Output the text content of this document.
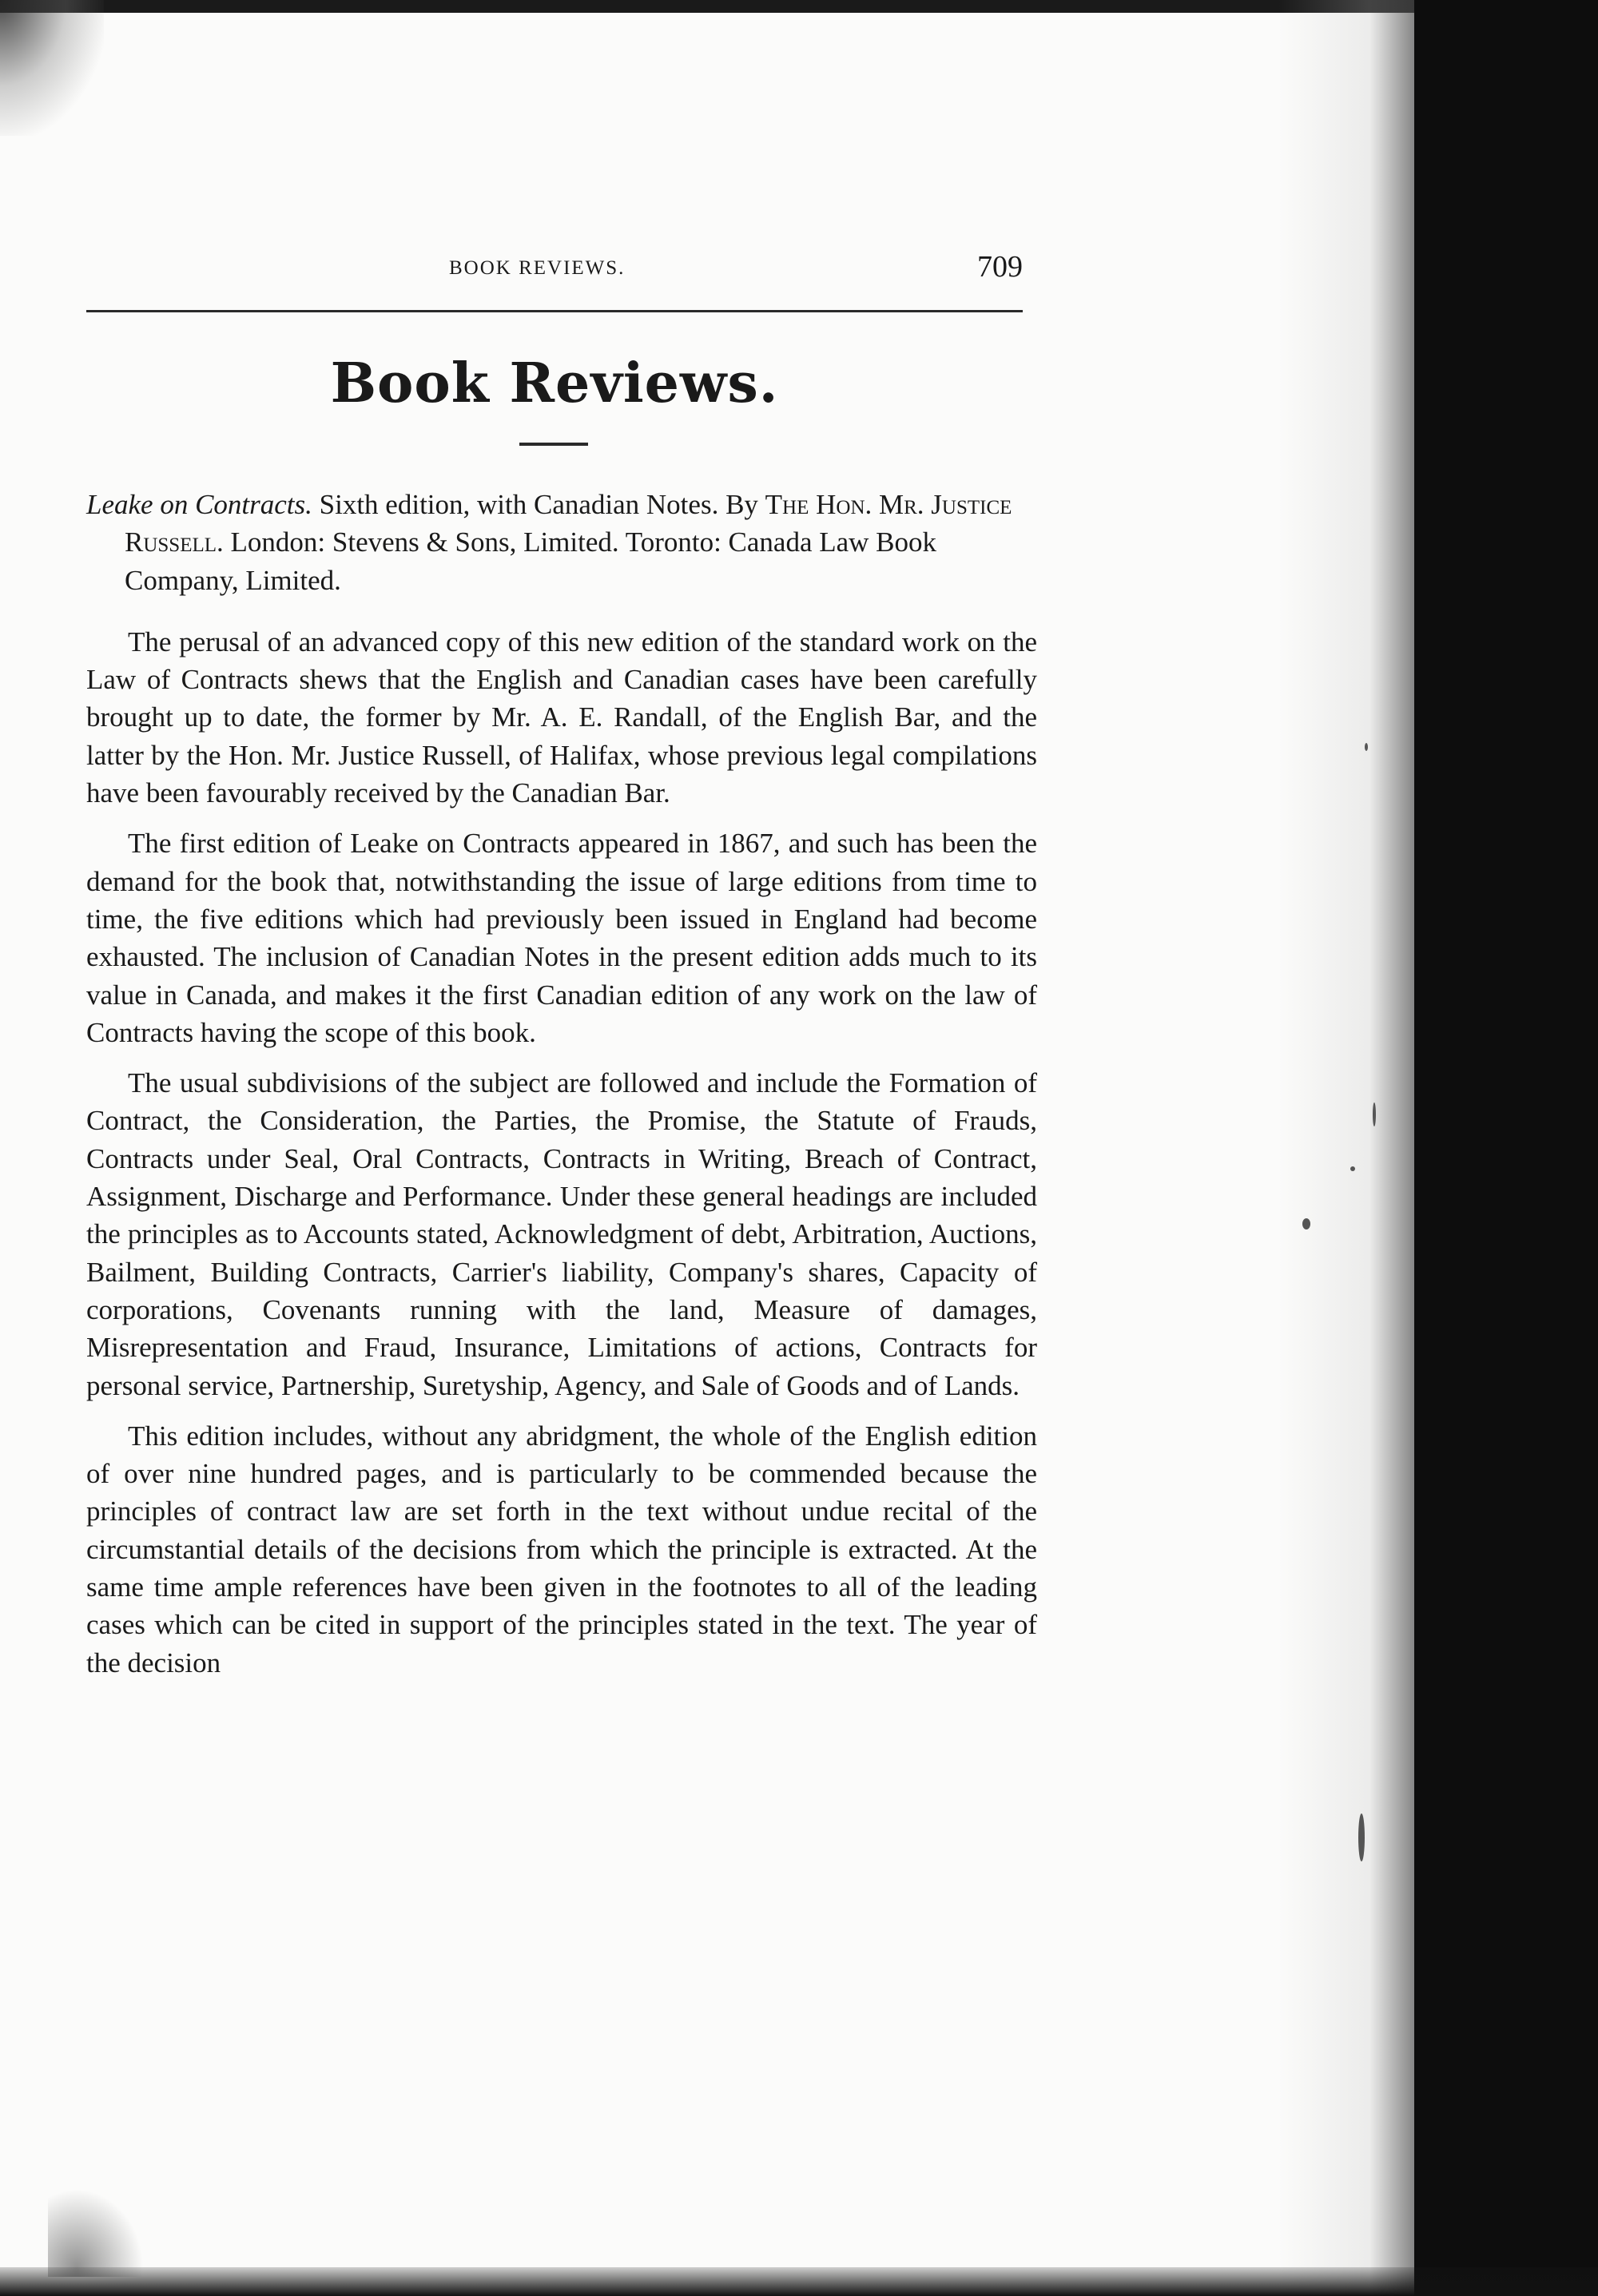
BOOK REVIEWS.	709
Book Reviews.

Leake on Contracts. Sixth edition, with Canadian Notes. By The Hon. Mr. Justice Russell. London: Stevens & Sons, Limited. Toronto: Canada Law Book Company, Limited.

The perusal of an advanced copy of this new edition of the standard work on the Law of Contracts shews that the English and Canadian cases have been carefully brought up to date, the former by Mr. A. E. Randall, of the English Bar, and the latter by the Hon. Mr. Justice Russell, of Halifax, whose previous legal compilations have been favourably received by the Canadian Bar.

The first edition of Leake on Contracts appeared in 1867, and such has been the demand for the book that, notwithstanding the issue of large editions from time to time, the five editions which had previously been issued in England had become exhausted. The inclusion of Canadian Notes in the present edition adds much to its value in Canada, and makes it the first Canadian edition of any work on the law of Contracts having the scope of this book.

The usual subdivisions of the subject are followed and include the Formation of Contract, the Consideration, the Parties, the Promise, the Statute of Frauds, Contracts under Seal, Oral Contracts, Contracts in Writing, Breach of Contract, Assignment, Discharge and Performance. Under these general headings are included the principles as to Accounts stated, Acknowledgment of debt, Arbitration, Auctions, Bailment, Building Contracts, Carrier's liability, Company's shares, Capacity of corporations, Covenants running with the land, Measure of damages, Misrepresentation and Fraud, Insurance, Limitations of actions, Contracts for personal service, Partnership, Suretyship, Agency, and Sale of Goods and of Lands.

This edition includes, without any abridgment, the whole of the English edition of over nine hundred pages, and is particularly to be commended because the principles of contract law are set forth in the text without undue recital of the circumstantial details of the decisions from which the principle is extracted. At the same time ample references have been given in the footnotes to all of the leading cases which can be cited in support of the principles stated in the text. The year of the decision
